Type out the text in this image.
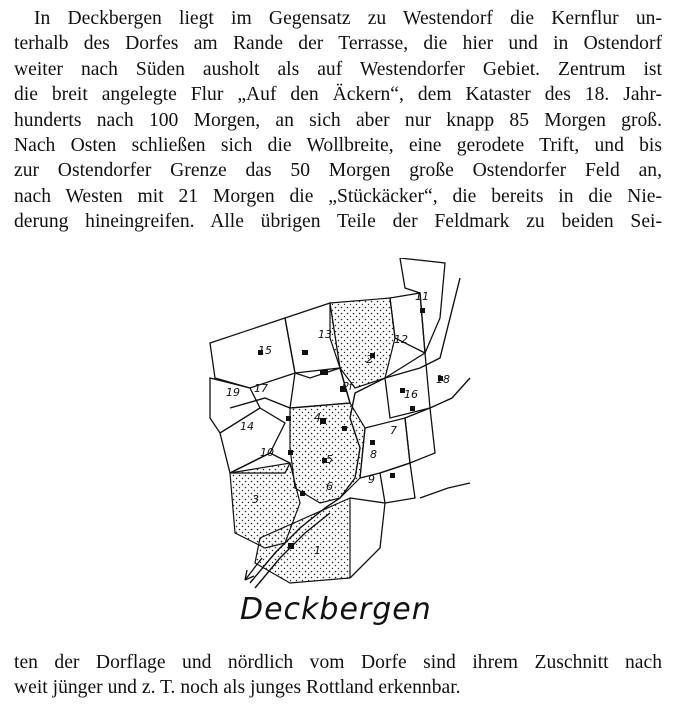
In Deckbergen liegt im Gegensatz zu Westendorf die Kernflur un-
terhalb des Dorfes am Rande der Terrasse, die hier und in Ostendorf
weiter nach Süden ausholt als auf Westendorfer Gebiet. Zentrum ist
die breit angelegte Flur „Auf den Äckern“, dem Kataster des 18. Jahr-
hunderts nach 100 Morgen, an sich aber nur knapp 85 Morgen groß.
Nach Osten schließen sich die Wollbreite, eine gerodete Trift, und bis
zur Ostendorfer Grenze das 50 Morgen große Ostendorfer Feld an,
nach Westen mit 21 Morgen die „Stückäcker“, die bereits in die Nie-
derung hineingreifen. Alle übrigen Teile der Feldmark zu beiden Sei-
1
2
3
4
5
6
7
8
9
10
11
12
13
14
15
16
17
18
19	Pf
Deckbergen
ten der Dorflage und nördlich vom Dorfe sind ihrem Zuschnitt nach
weit jünger und z. T. noch als junges Rottland erkennbar.
